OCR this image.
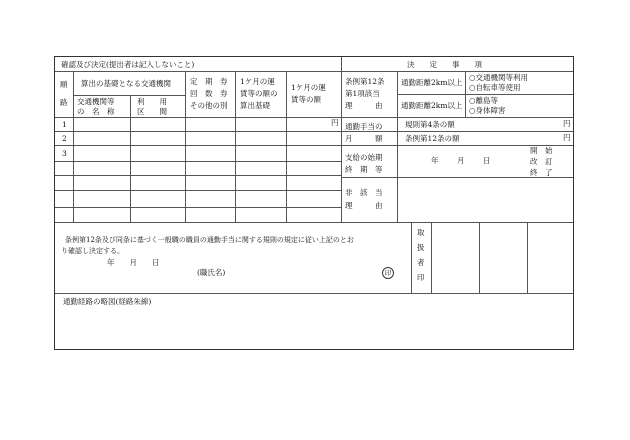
確認及び決定(提出者は記入しないこと)	決　　定　　事　　項
順
路
算出の基礎となる交通機関
交通機関等
の　名　称
利　　用
区　　間
定　期　券
回　数　券
その他の別
1ケ月の運
賃等の額の
算出基礎
1ケ月の運
賃等の額
1
2
3
円
条例第12条
第1項該当
理　　　由
通勤距離2km以上
通勤距離2km以上
○交通機関等利用
○自転車等使用
○離島等
○身体障害
通勤手当の
月　　　額
規則第4条の額
条例第12条の額
円
円
支給の始期
終　期　等
年 月 日
開　始
改　訂
終　了
非　該　当
理　　　由
条例第12条及び同条に基づく一般職の職員の通勤手当に関する規則の規定に従い上記のとお
り確認し決定する。
年　　月　　日
(職氏名)	印
取
扱
者
印
通勤経路の略図(経路朱線)
